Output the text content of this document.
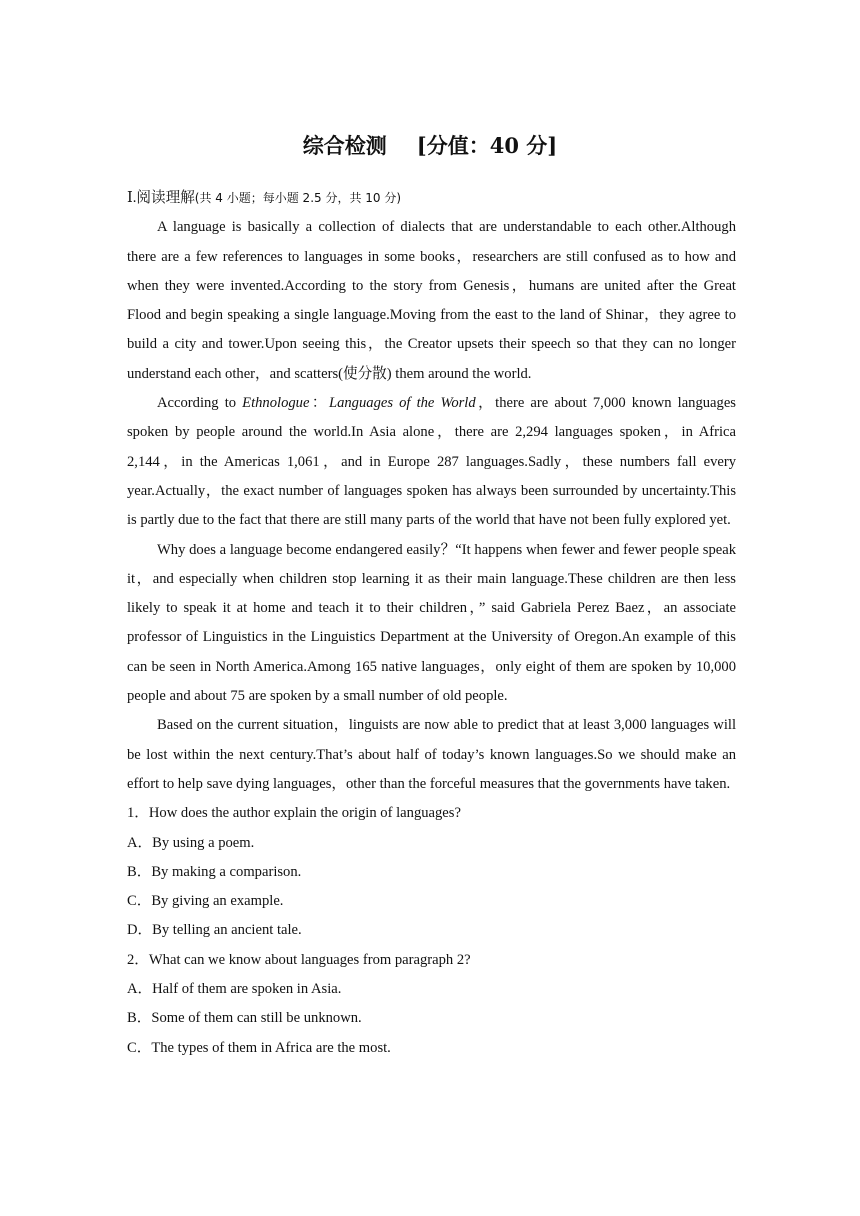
综合检测 [分值：40 分]

Ⅰ.阅读理解(共 4 小题；每小题 2.5 分，共 10 分)

A language is basically a collection of dialects that are understandable to each other.Although there are a few references to languages in some books，researchers are still confused as to how and when they were invented.According to the story from Genesis，humans are united after the Great Flood and begin speaking a single language.Moving from the east to the land of Shinar，they agree to build a city and tower.Upon seeing this，the Creator upsets their speech so that they can no longer understand each other，and scatters(使分散) them around the world.

According to Ethnologue：Languages of the World，there are about 7,000 known languages spoken by people around the world.In Asia alone，there are 2,294 languages spoken，in Africa 2,144，in the Americas 1,061，and in Europe 287 languages.Sadly，these numbers fall every year.Actually，the exact number of languages spoken has always been surrounded by uncertainty.This is partly due to the fact that there are still many parts of the world that have not been fully explored yet.

Why does a language become endangered easily？“It happens when fewer and fewer people speak it，and especially when children stop learning it as their main language.These children are then less likely to speak it at home and teach it to their children，” said Gabriela Perez Baez，an associate professor of Linguistics in the Linguistics Department at the University of Oregon.An example of this can be seen in North America.Among 165 native languages，only eight of them are spoken by 10,000 people and about 75 are spoken by a small number of old people.

Based on the current situation，linguists are now able to predict that at least 3,000 languages will be lost within the next century.That’s about half of today’s known languages.So we should make an effort to help save dying languages，other than the forceful measures that the governments have taken.

1．How does the author explain the origin of languages?

A．By using a poem.

B．By making a comparison.

C．By giving an example.

D．By telling an ancient tale.

2．What can we know about languages from paragraph 2?

A．Half of them are spoken in Asia.

B．Some of them can still be unknown.

C．The types of them in Africa are the most.
